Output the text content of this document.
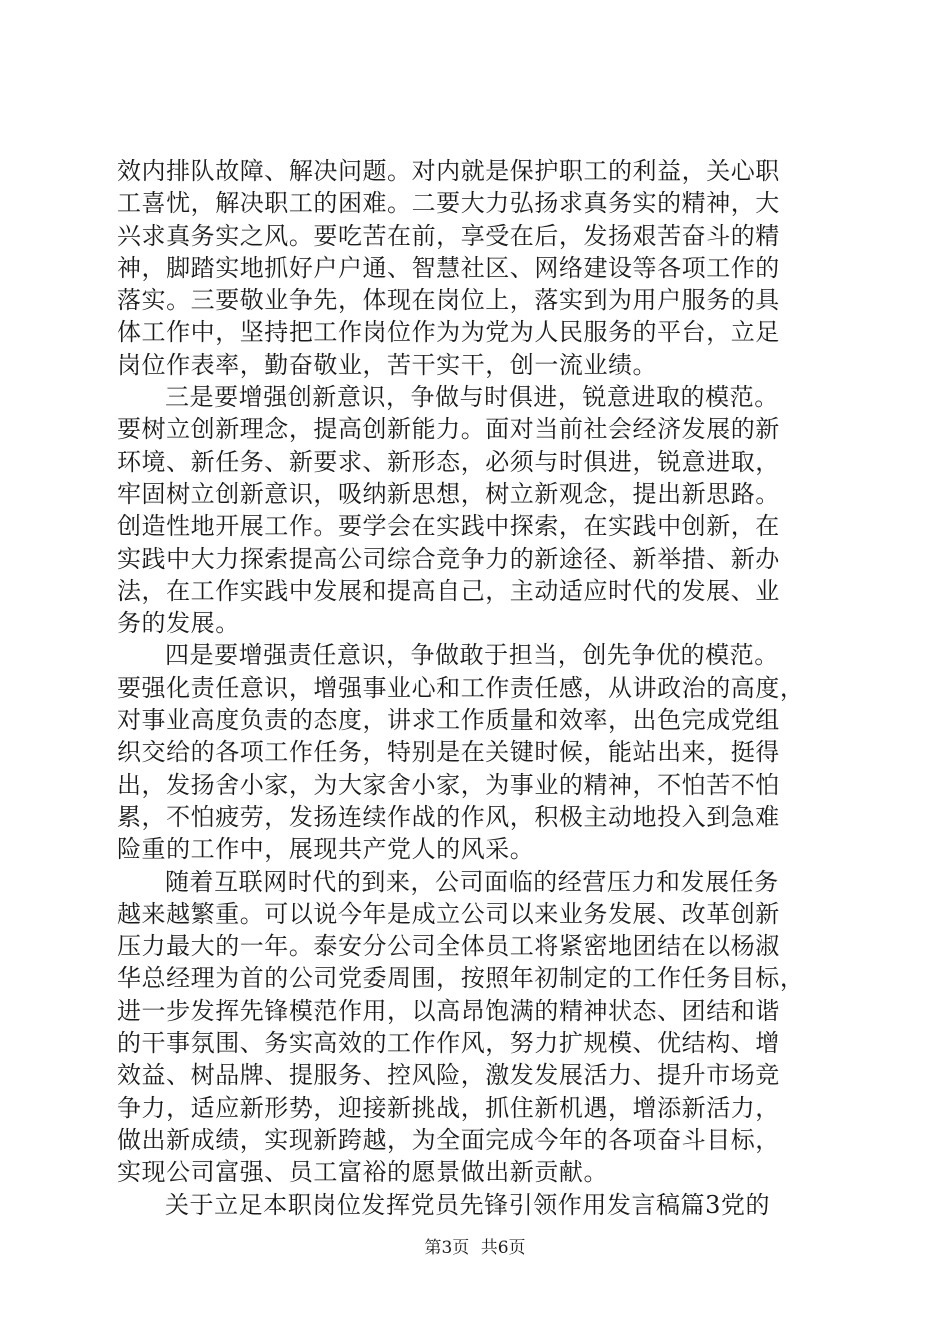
效内排队故障、解决问题。对内就是保护职工的利益，关心职
工喜忧，解决职工的困难。二要大力弘扬求真务实的精神，大
兴求真务实之风。要吃苦在前，享受在后，发扬艰苦奋斗的精
神，脚踏实地抓好户户通、智慧社区、网络建设等各项工作的
落实。三要敬业争先，体现在岗位上，落实到为用户服务的具
体工作中，坚持把工作岗位作为为党为人民服务的平台，立足
岗位作表率，勤奋敬业，苦干实干，创一流业绩。
三是要增强创新意识，争做与时俱进，锐意进取的模范。
要树立创新理念，提高创新能力。面对当前社会经济发展的新
环境、新任务、新要求、新形态，必须与时俱进，锐意进取，
牢固树立创新意识，吸纳新思想，树立新观念，提出新思路。
创造性地开展工作。要学会在实践中探索，在实践中创新，在
实践中大力探索提高公司综合竞争力的新途径、新举措、新办
法，在工作实践中发展和提高自己，主动适应时代的发展、业
务的发展。
四是要增强责任意识，争做敢于担当，创先争优的模范。
要强化责任意识，增强事业心和工作责任感，从讲政治的高度，
对事业高度负责的态度，讲求工作质量和效率，出色完成党组
织交给的各项工作任务，特别是在关键时候，能站出来，挺得
出，发扬舍小家，为大家舍小家，为事业的精神，不怕苦不怕
累，不怕疲劳，发扬连续作战的作风，积极主动地投入到急难
险重的工作中，展现共产党人的风采。
随着互联网时代的到来，公司面临的经营压力和发展任务
越来越繁重。可以说今年是成立公司以来业务发展、改革创新
压力最大的一年。泰安分公司全体员工将紧密地团结在以杨淑
华总经理为首的公司党委周围，按照年初制定的工作任务目标，
进一步发挥先锋模范作用，以高昂饱满的精神状态、团结和谐
的干事氛围、务实高效的工作作风，努力扩规模、优结构、增
效益、树品牌、提服务、控风险，激发发展活力、提升市场竞
争力，适应新形势，迎接新挑战，抓住新机遇，增添新活力，
做出新成绩，实现新跨越，为全面完成今年的各项奋斗目标，
实现公司富强、员工富裕的愿景做出新贡献。
关于立足本职岗位发挥党员先锋引领作用发言稿篇3党的
第3页 共6页
